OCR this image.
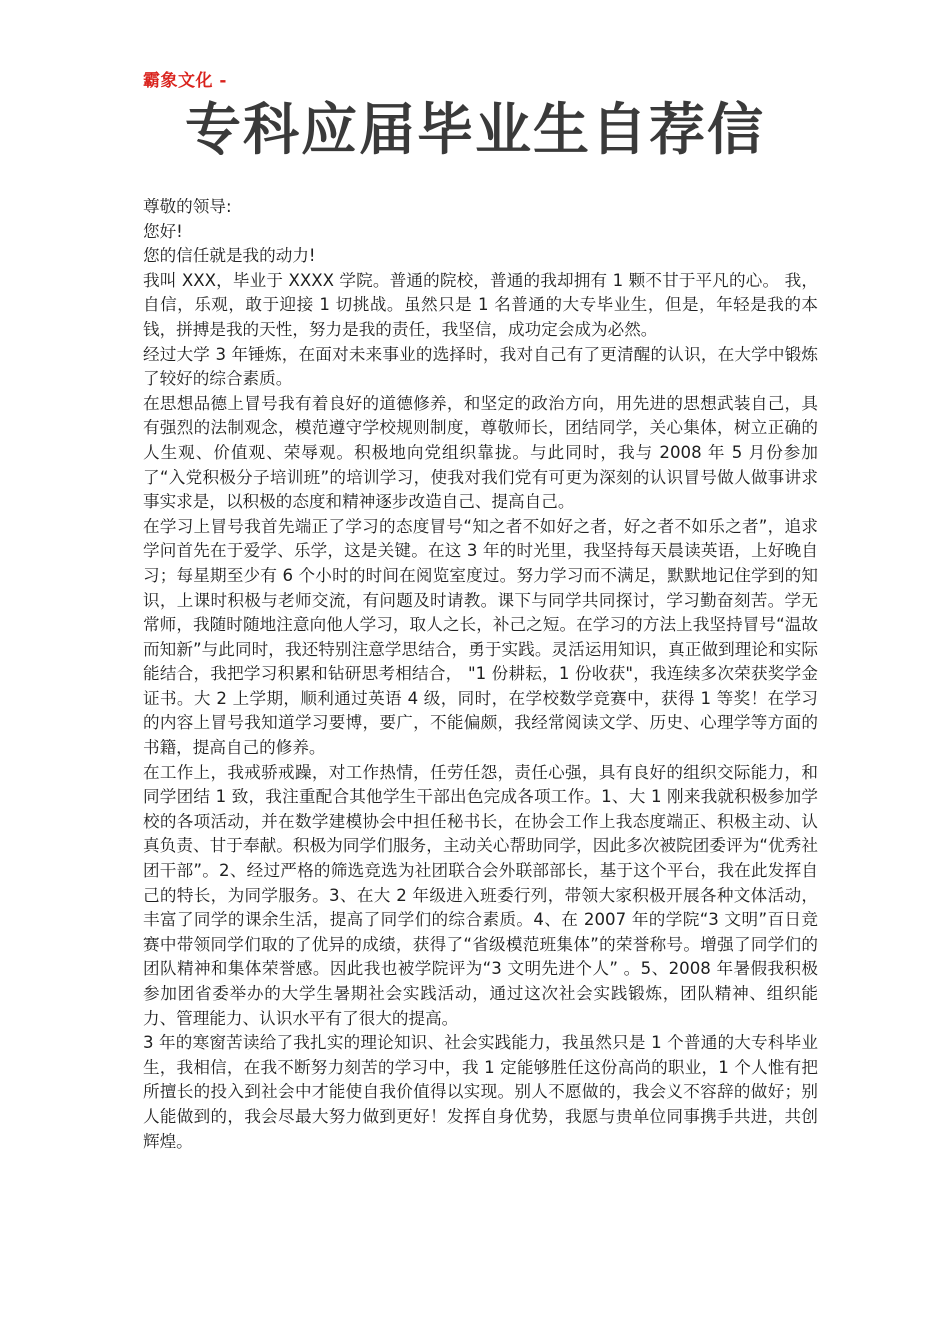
霸象文化 -
专科应届毕业生自荐信

尊敬的领导:

您好!

您的信任就是我的动力!

我叫 XXX，毕业于 XXXX 学院。普通的院校，普通的我却拥有 1 颗不甘于平凡的心。 我，自信，乐观，敢于迎接 1 切挑战。虽然只是 1 名普通的大专毕业生，但是，年轻是我的本钱，拼搏是我的天性，努力是我的责任，我坚信，成功定会成为必然。

经过大学 3 年锤炼，在面对未来事业的选择时，我对自己有了更清醒的认识，在大学中锻炼了较好的综合素质。

在思想品德上冒号我有着良好的道德修养，和坚定的政治方向，用先进的思想武装自己，具有强烈的法制观念，模范遵守学校规则制度，尊敬师长，团结同学，关心集体，树立正确的人生观、价值观、荣辱观。积极地向党组织靠拢。与此同时，我与 2008 年 5 月份参加了“入党积极分子培训班”的培训学习，使我对我们党有可更为深刻的认识冒号做人做事讲求事实求是，以积极的态度和精神逐步改造自己、提高自己。

在学习上冒号我首先端正了学习的态度冒号“知之者不如好之者，好之者不如乐之者”，追求学问首先在于爱学、乐学，这是关键。在这 3 年的时光里，我坚持每天晨读英语，上好晚自习；每星期至少有 6 个小时的时间在阅览室度过。努力学习而不满足，默默地记住学到的知识，上课时积极与老师交流，有问题及时请教。课下与同学共同探讨，学习勤奋刻苦。学无常师，我随时随地注意向他人学习，取人之长，补己之短。在学习的方法上我坚持冒号“温故而知新”与此同时，我还特别注意学思结合，勇于实践。灵活运用知识，真正做到理论和实际能结合，我把学习积累和钻研思考相结合， "1 份耕耘，1 份收获"，我连续多次荣获奖学金证书。大 2 上学期，顺利通过英语 4 级，同时，在学校数学竞赛中，获得 1 等奖！在学习的内容上冒号我知道学习要博，要广，不能偏颇，我经常阅读文学、历史、心理学等方面的书籍，提高自己的修养。

在工作上，我戒骄戒躁，对工作热情，任劳任怨，责任心强，具有良好的组织交际能力，和同学团结 1 致，我注重配合其他学生干部出色完成各项工作。1、大 1 刚来我就积极参加学校的各项活动，并在数学建模协会中担任秘书长，在协会工作上我态度端正、积极主动、认真负责、甘于奉献。积极为同学们服务，主动关心帮助同学，因此多次被院团委评为“优秀社团干部”。2、经过严格的筛选竞选为社团联合会外联部部长，基于这个平台，我在此发挥自己的特长，为同学服务。3、在大 2 年级进入班委行列，带领大家积极开展各种文体活动，丰富了同学的课余生活，提高了同学们的综合素质。4、在 2007 年的学院“3 文明”百日竞赛中带领同学们取的了优异的成绩，获得了“省级模范班集体”的荣誉称号。增强了同学们的团队精神和集体荣誉感。因此我也被学院评为“3 文明先进个人” 。5、2008 年暑假我积极参加团省委举办的大学生暑期社会实践活动，通过这次社会实践锻炼，团队精神、组织能力、管理能力、认识水平有了很大的提高。

3 年的寒窗苦读给了我扎实的理论知识、社会实践能力，我虽然只是 1 个普通的大专科毕业生，我相信，在我不断努力刻苦的学习中，我 1 定能够胜任这份高尚的职业，1 个人惟有把所擅长的投入到社会中才能使自我价值得以实现。别人不愿做的，我会义不容辞的做好；别人能做到的，我会尽最大努力做到更好！发挥自身优势，我愿与贵单位同事携手共进，共创辉煌。
